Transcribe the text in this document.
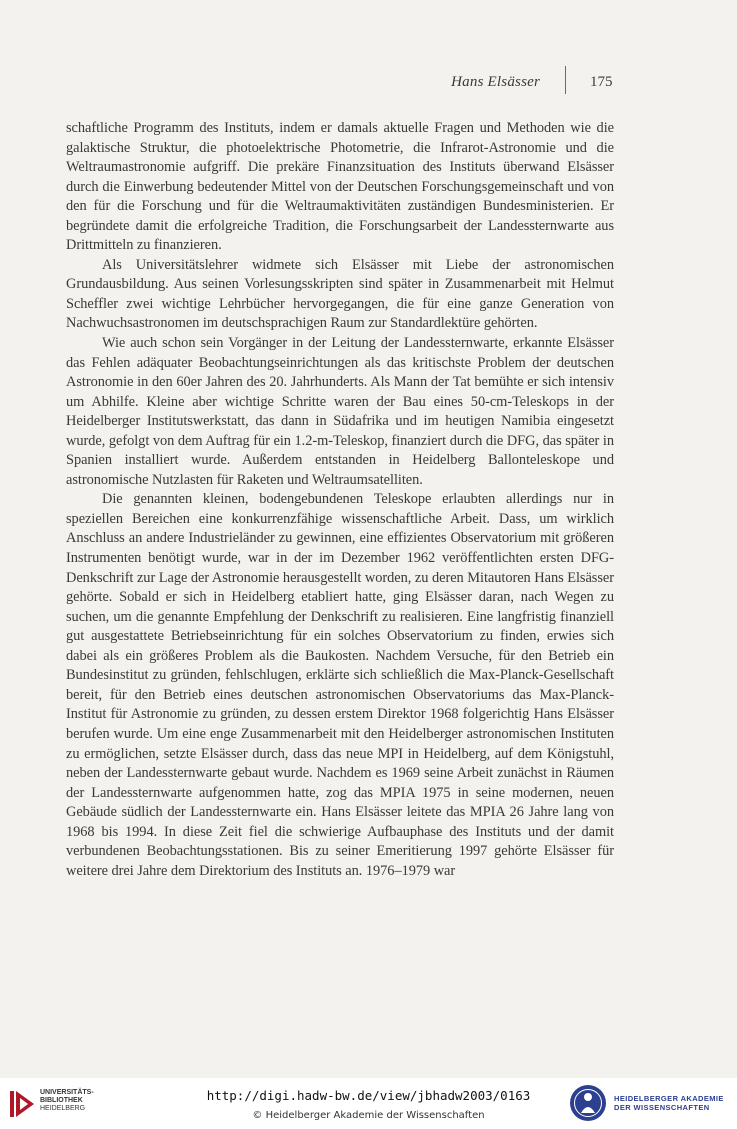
Hans Elsässer	175

schaftliche Programm des Instituts, indem er damals aktuelle Fragen und Methoden wie die galaktische Struktur, die photoelektrische Photometrie, die Infrarot-Astronomie und die Weltraumastronomie aufgriff. Die prekäre Finanzsituation des Instituts überwand Elsässer durch die Einwerbung bedeutender Mittel von der Deutschen Forschungsgemeinschaft und von den für die Forschung und für die Weltraumaktivitäten zuständigen Bundesministerien. Er begründete damit die erfolgreiche Tradition, die Forschungsarbeit der Landessternwarte aus Drittmitteln zu finanzieren.

Als Universitätslehrer widmete sich Elsässer mit Liebe der astronomischen Grundausbildung. Aus seinen Vorlesungsskripten sind später in Zusammenarbeit mit Helmut Scheffler zwei wichtige Lehrbücher hervorgegangen, die für eine ganze Generation von Nachwuchsastronomen im deutschsprachigen Raum zur Standardlektüre gehörten.

Wie auch schon sein Vorgänger in der Leitung der Landessternwarte, erkannte Elsässer das Fehlen adäquater Beobachtungseinrichtungen als das kritischste Problem der deutschen Astronomie in den 60er Jahren des 20. Jahrhunderts. Als Mann der Tat bemühte er sich intensiv um Abhilfe. Kleine aber wichtige Schritte waren der Bau eines 50-cm-Teleskops in der Heidelberger Institutswerkstatt, das dann in Südafrika und im heutigen Namibia eingesetzt wurde, gefolgt von dem Auftrag für ein 1.2-m-Teleskop, finanziert durch die DFG, das später in Spanien installiert wurde. Außerdem entstanden in Heidelberg Ballonteleskope und astronomische Nutzlasten für Raketen und Weltraumsatelliten.

Die genannten kleinen, bodengebundenen Teleskope erlaubten allerdings nur in speziellen Bereichen eine konkurrenzfähige wissenschaftliche Arbeit. Dass, um wirklich Anschluss an andere Industrieländer zu gewinnen, eine effizientes Observatorium mit größeren Instrumenten benötigt wurde, war in der im Dezember 1962 veröffentlichten ersten DFG-Denkschrift zur Lage der Astronomie herausgestellt worden, zu deren Mitautoren Hans Elsässer gehörte. Sobald er sich in Heidelberg etabliert hatte, ging Elsässer daran, nach Wegen zu suchen, um die genannte Empfehlung der Denkschrift zu realisieren. Eine langfristig finanziell gut ausgestattete Betriebseinrichtung für ein solches Observatorium zu finden, erwies sich dabei als ein größeres Problem als die Baukosten. Nachdem Versuche, für den Betrieb ein Bundesinstitut zu gründen, fehlschlugen, erklärte sich schließlich die Max-Planck-Gesellschaft bereit, für den Betrieb eines deutschen astronomischen Observatoriums das Max-Planck-Institut für Astronomie zu gründen, zu dessen erstem Direktor 1968 folgerichtig Hans Elsässer berufen wurde. Um eine enge Zusammenarbeit mit den Heidelberger astronomischen Instituten zu ermöglichen, setzte Elsässer durch, dass das neue MPI in Heidelberg, auf dem Königstuhl, neben der Landessternwarte gebaut wurde. Nachdem es 1969 seine Arbeit zunächst in Räumen der Landessternwarte aufgenommen hatte, zog das MPIA 1975 in seine modernen, neuen Gebäude südlich der Landessternwarte ein. Hans Elsässer leitete das MPIA 26 Jahre lang von 1968 bis 1994. In diese Zeit fiel die schwierige Aufbauphase des Instituts und der damit verbundenen Beobachtungsstationen. Bis zu seiner Emeritierung 1997 gehörte Elsässer für weitere drei Jahre dem Direktorium des Instituts an. 1976–1979 war

UNIVERSITÄTS-
BIBLIOTHEK
HEIDELBERG
http://digi.hadw-bw.de/view/jbhadw2003/0163
© Heidelberger Akademie der Wissenschaften
HEIDELBERGER AKADEMIE
DER WISSENSCHAFTEN
